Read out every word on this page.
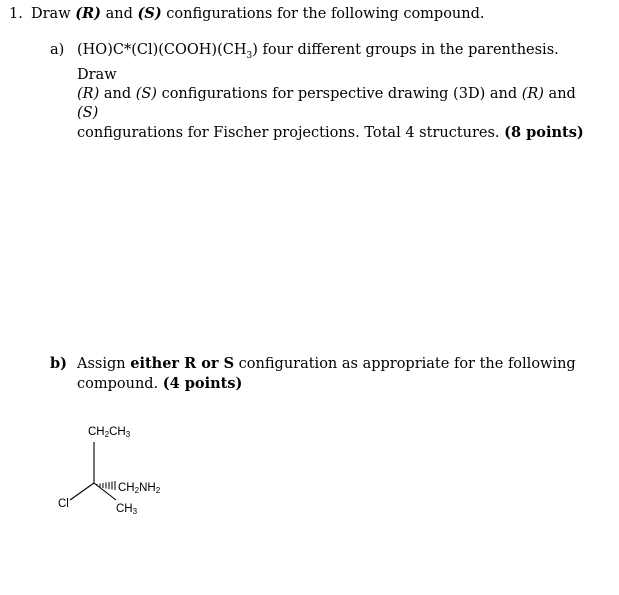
1. Draw (R) and (S) configurations for the following compound.
a) $(HO)C*(Cl)(COOH)(CH_3)$ four different groups in the parenthesis. Draw
(R) and (S) configurations for perspective drawing (3D) and (R) and (S)
configurations for Fischer projections. Total 4 structures. (8 points)
b) Assign either R or S configuration as appropriate for the following
compound. (4 points)
$CH_2CH_3$
$CH_2NH_2$
$CH_3$
Cl
